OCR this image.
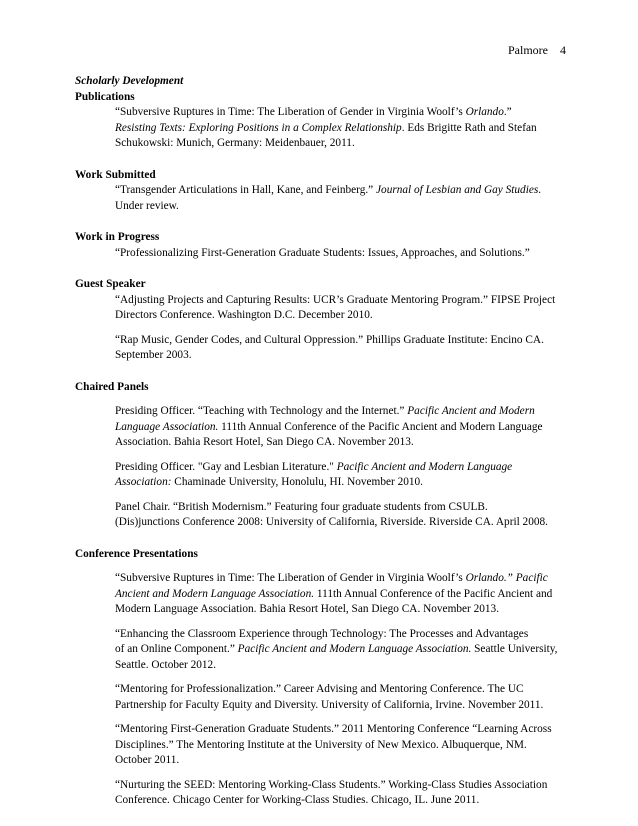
Palmore 4
Scholarly Development
Publications
“Subversive Ruptures in Time: The Liberation of Gender in Virginia Woolf’s Orlando.”
Resisting Texts: Exploring Positions in a Complex Relationship. Eds Brigitte Rath and Stefan
Schukowski: Munich, Germany: Meidenbauer, 2011.
Work Submitted
“Transgender Articulations in Hall, Kane, and Feinberg.” Journal of Lesbian and Gay Studies.
Under review.
Work in Progress
“Professionalizing First-Generation Graduate Students: Issues, Approaches, and Solutions.”
Guest Speaker
“Adjusting Projects and Capturing Results: UCR’s Graduate Mentoring Program.” FIPSE Project
Directors Conference. Washington D.C. December 2010.
“Rap Music, Gender Codes, and Cultural Oppression.” Phillips Graduate Institute: Encino CA.
September 2003.
Chaired Panels
Presiding Officer. “Teaching with Technology and the Internet.” Pacific Ancient and Modern
Language Association. 111th Annual Conference of the Pacific Ancient and Modern Language
Association. Bahia Resort Hotel, San Diego CA. November 2013.
Presiding Officer. "Gay and Lesbian Literature." Pacific Ancient and Modern Language
Association: Chaminade University, Honolulu, HI. November 2010.
Panel Chair. “British Modernism.” Featuring four graduate students from CSULB.
(Dis)junctions Conference 2008: University of California, Riverside. Riverside CA. April 2008.
Conference Presentations
“Subversive Ruptures in Time: The Liberation of Gender in Virginia Woolf’s Orlando.” Pacific
Ancient and Modern Language Association. 111th Annual Conference of the Pacific Ancient and
Modern Language Association. Bahia Resort Hotel, San Diego CA. November 2013.
“Enhancing the Classroom Experience through Technology: The Processes and Advantages
of an Online Component.” Pacific Ancient and Modern Language Association. Seattle University,
Seattle. October 2012.
“Mentoring for Professionalization.” Career Advising and Mentoring Conference. The UC
Partnership for Faculty Equity and Diversity. University of California, Irvine. November 2011.
“Mentoring First-Generation Graduate Students.” 2011 Mentoring Conference “Learning Across
Disciplines.” The Mentoring Institute at the University of New Mexico. Albuquerque, NM.
October 2011.
“Nurturing the SEED: Mentoring Working-Class Students.” Working-Class Studies Association
Conference. Chicago Center for Working-Class Studies. Chicago, IL. June 2011.
